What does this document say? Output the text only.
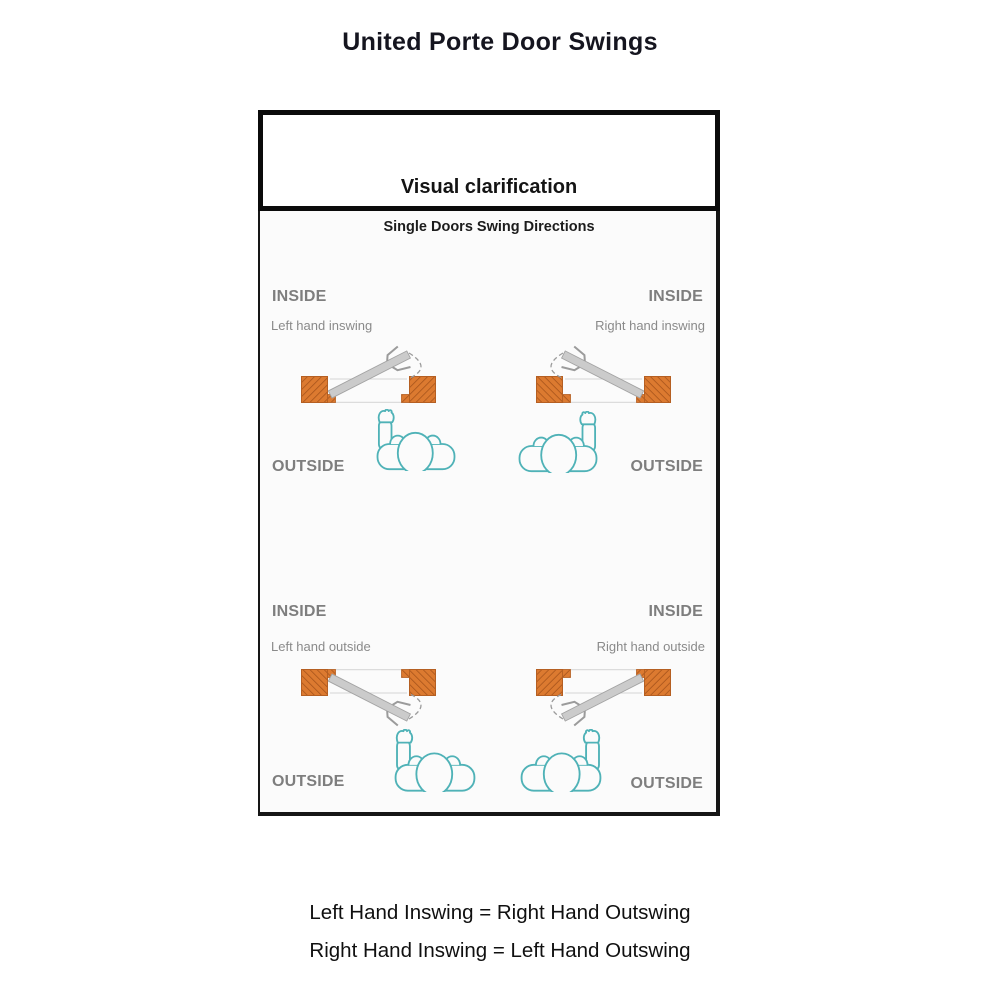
United Porte Door Swings
Visual clarification
Single Doors Swing Directions
INSIDE
Left hand inswing
OUTSIDE
INSIDE
Right hand inswing
OUTSIDE
INSIDE
Left hand outside
OUTSIDE
INSIDE
Right hand outside
OUTSIDE
Left Hand Inswing = Right Hand Outswing
Right Hand Inswing = Left Hand Outswing
